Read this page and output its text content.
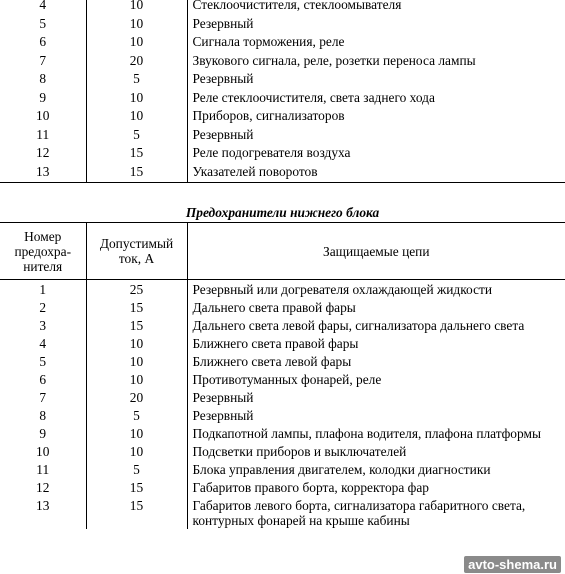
4	10	Стеклоочистителя, стеклоомывателя
5	10	Резервный
6	10	Сигнала торможения, реле
7	20	Звукового сигнала, реле, розетки переноса лампы
8	5	Резервный
9	10	Реле стеклоочистителя, света заднего хода
10	10	Приборов, сигнализаторов
11	5	Резервный
12	15	Реле подогревателя воздуха
13	15	Указателей поворотов
Предохранители нижнего блока
Номер предохра-нителя	Допустимый ток, А	Защищаемые цепи
1	25	Резервный или догревателя охлаждающей жидкости
2	15	Дальнего света правой фары
3	15	Дальнего света левой фары, сигнализатора дальнего света
4	10	Ближнего света правой фары
5	10	Ближнего света левой фары
6	10	Противотуманных фонарей, реле
7	20	Резервный
8	5	Резервный
9	10	Подкапотной лампы, плафона водителя, плафона платформы
10	10	Подсветки приборов и выключателей
11	5	Блока управления двигателем, колодки диагностики
12	15	Габаритов правого борта, корректора фар
13	15	Габаритов левого борта, сигнализатора габаритного света, контурных фонарей на крыше кабины
avto-shema.ru
